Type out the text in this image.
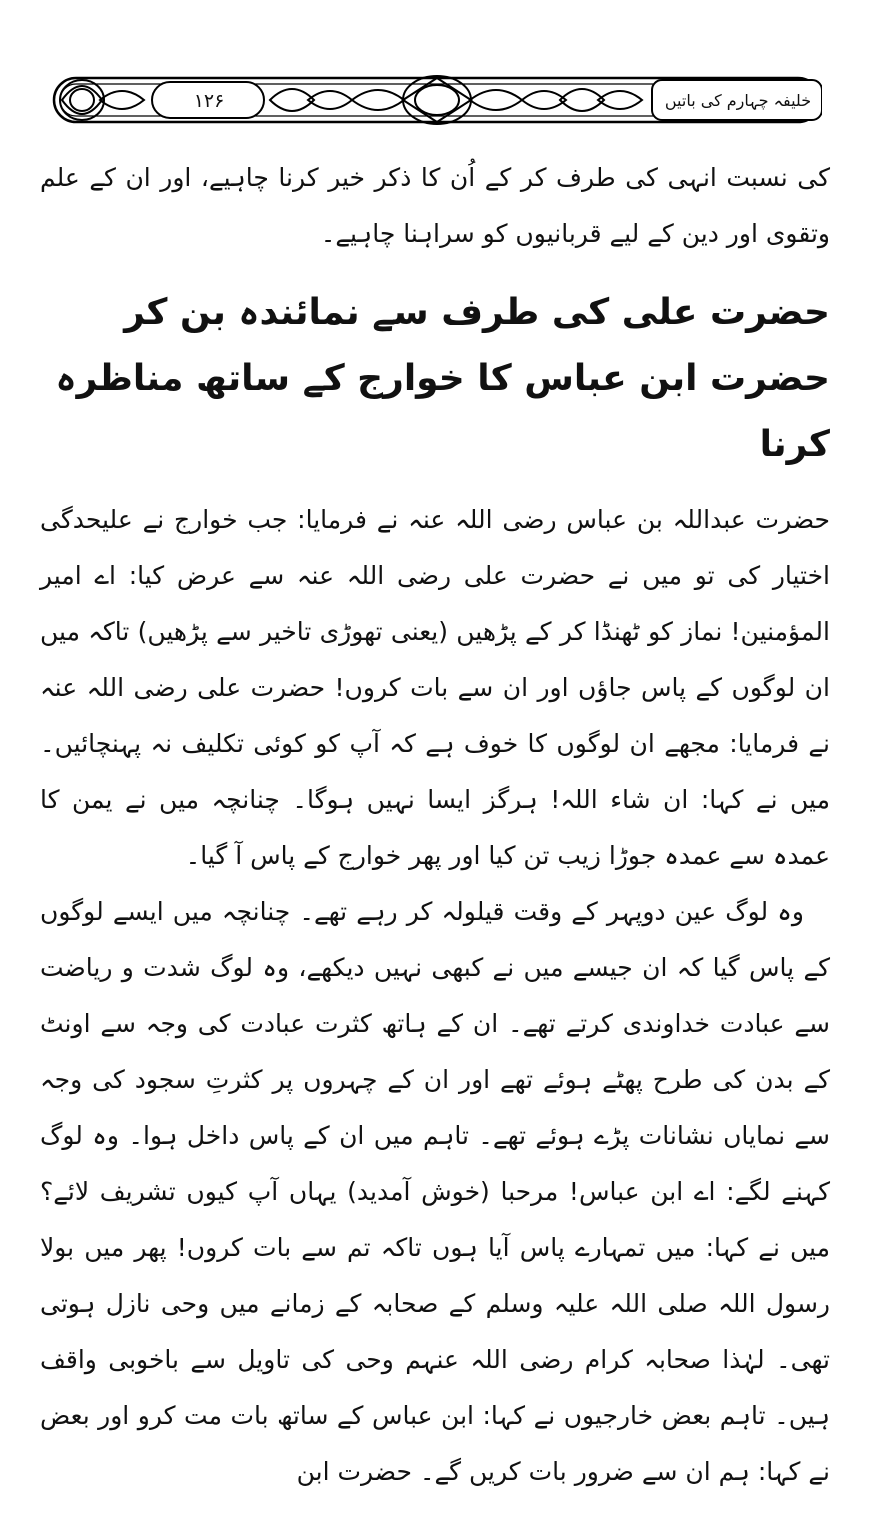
۱۲۶	خلیفہ چہارم کی باتیں

کی نسبت انہی کی طرف کر کے اُن کا ذکر خیر کرنا چاہیے، اور ان کے علم وتقوی اور دین کے لیے قربانیوں کو سراہنا چاہیے۔

حضرت علی کی طرف سے نمائندہ بن کر حضرت ابن عباس کا خوارج کے ساتھ مناظرہ کرنا

حضرت عبداللہ بن عباس رضی اللہ عنہ نے فرمایا: جب خوارج نے علیحدگی اختیار کی تو میں نے حضرت علی رضی اللہ عنہ سے عرض کیا: اے امیر المؤمنین! نماز کو ٹھنڈا کر کے پڑھیں (یعنی تھوڑی تاخیر سے پڑھیں) تاکہ میں ان لوگوں کے پاس جاؤں اور ان سے بات کروں! حضرت علی رضی اللہ عنہ نے فرمایا: مجھے ان لوگوں کا خوف ہے کہ آپ کو کوئی تکلیف نہ پہنچائیں۔ میں نے کہا: ان شاء اللہ! ہرگز ایسا نہیں ہوگا۔ چنانچہ میں نے یمن کا عمدہ سے عمدہ جوڑا زیب تن کیا اور پھر خوارج کے پاس آ گیا۔

وہ لوگ عین دوپہر کے وقت قیلولہ کر رہے تھے۔ چنانچہ میں ایسے لوگوں کے پاس گیا کہ ان جیسے میں نے کبھی نہیں دیکھے، وہ لوگ شدت و ریاضت سے عبادت خداوندی کرتے تھے۔ ان کے ہاتھ کثرت عبادت کی وجہ سے اونٹ کے بدن کی طرح پھٹے ہوئے تھے اور ان کے چہروں پر کثرتِ سجود کی وجہ سے نمایاں نشانات پڑے ہوئے تھے۔ تاہم میں ان کے پاس داخل ہوا۔ وہ لوگ کہنے لگے: اے ابن عباس! مرحبا (خوش آمدید) یہاں آپ کیوں تشریف لائے؟ میں نے کہا: میں تمہارے پاس آیا ہوں تاکہ تم سے بات کروں! پھر میں بولا رسول اللہ صلی اللہ علیہ وسلم کے صحابہ کے زمانے میں وحی نازل ہوتی تھی۔ لہٰذا صحابہ کرام رضی اللہ عنہم وحی کی تاویل سے باخوبی واقف ہیں۔ تاہم بعض خارجیوں نے کہا: ابن عباس کے ساتھ بات مت کرو اور بعض نے کہا: ہم ان سے ضرور بات کریں گے۔ حضرت ابن
